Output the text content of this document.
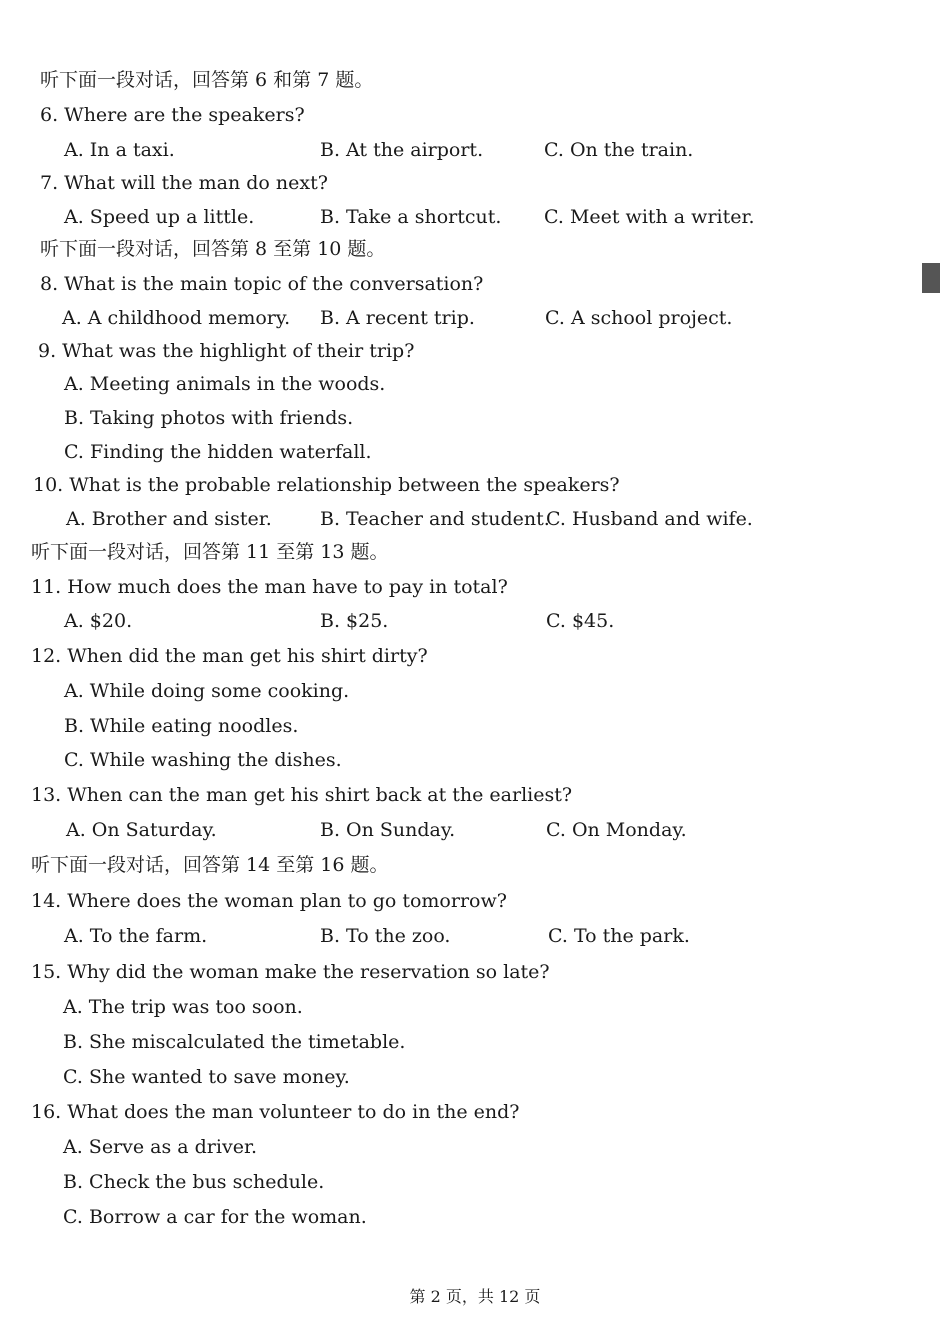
听下面一段对话，回答第 6 和第 7 题。
6. Where are the speakers?
A. In a taxi.	B. At the airport.	C. On the train.
7. What will the man do next?
A. Speed up a little.	B. Take a shortcut. C. Meet with a writer.
听下面一段对话，回答第 8 至第 10 题。
8. What is the main topic of the conversation?
A. A childhood memory. B. A recent trip.	C. A school project.
9. What was the highlight of their trip?
A. Meeting animals in the woods.
B. Taking photos with friends.
C. Finding the hidden waterfall.
10. What is the probable relationship between the speakers?
A. Brother and sister.	B. Teacher and student.
C. Husband and wife.
听下面一段对话，回答第 11 至第 13 题。
11. How much does the man have to pay in total?
A. $20.	B. $25.	C. $45.
12. When did the man get his shirt dirty?
A. While doing some cooking.
B. While eating noodles.
C. While washing the dishes.
13. When can the man get his shirt back at the earliest?
A. On Saturday.	B. On Sunday.	C. On Monday.
听下面一段对话，回答第 14 至第 16 题。
14. Where does the woman plan to go tomorrow?
A. To the farm.	B. To the zoo.	C. To the park.
15. Why did the woman make the reservation so late?
A. The trip was too soon.
B. She miscalculated the timetable.
C. She wanted to save money.
16. What does the man volunteer to do in the end?
A. Serve as a driver.
B. Check the bus schedule.
C. Borrow a car for the woman.
第 2 页，共 12 页
